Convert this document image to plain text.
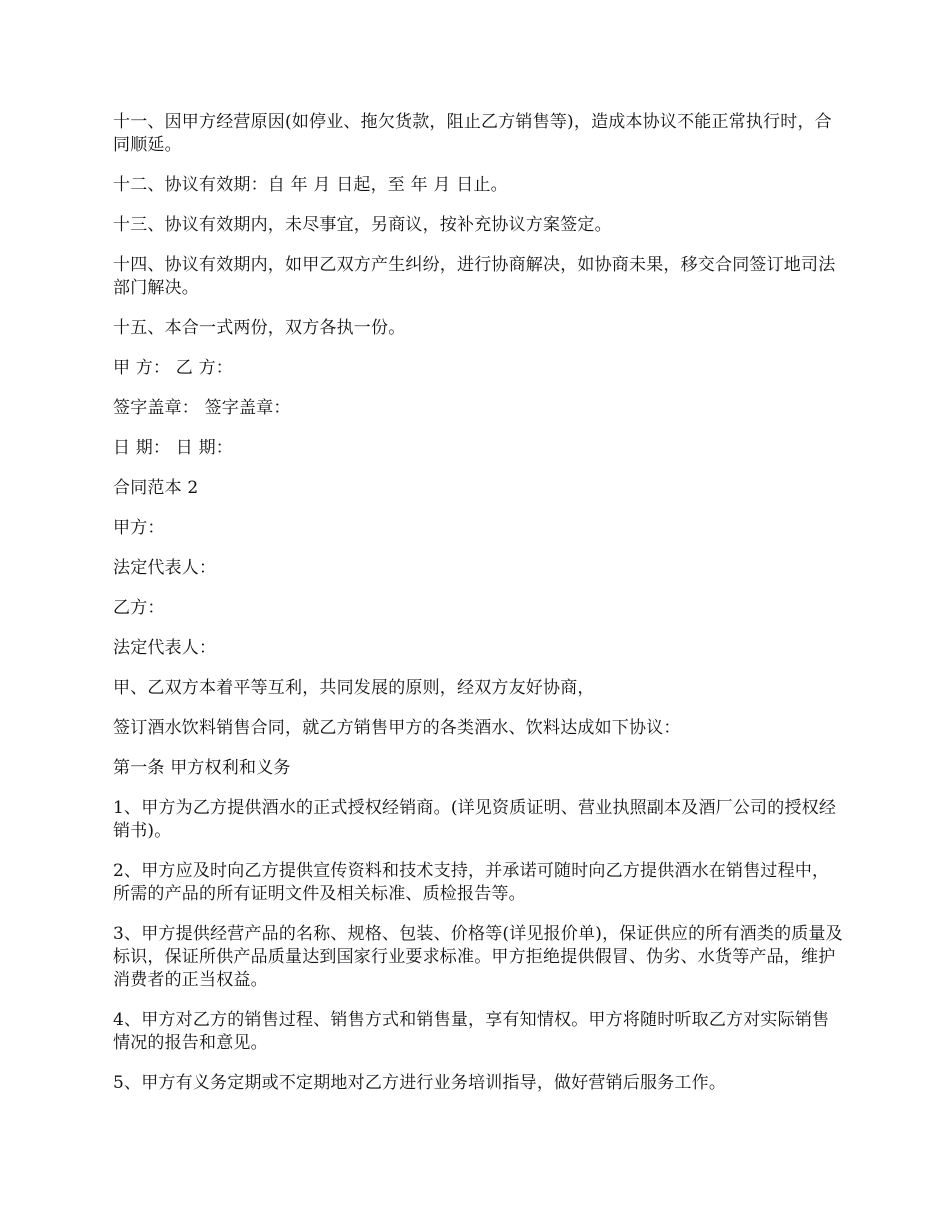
十一、因甲方经营原因(如停业、拖欠货款，阻止乙方销售等)，造成本协议不能正常执行时，合同顺延。

十二、协议有效期：自 年 月 日起，至 年 月 日止。

十三、协议有效期内，未尽事宜，另商议，按补充协议方案签定。

十四、协议有效期内，如甲乙双方产生纠纷，进行协商解决，如协商未果，移交合同签订地司法部门解决。

十五、本合一式两份，双方各执一份。

甲 方： 乙 方：

签字盖章： 签字盖章：

日 期： 日 期：

合同范本 2

甲方：

法定代表人：

乙方：

法定代表人：

甲、乙双方本着平等互利，共同发展的原则，经双方友好协商，

签订酒水饮料销售合同，就乙方销售甲方的各类酒水、饮料达成如下协议：

第一条 甲方权利和义务

1、甲方为乙方提供酒水的正式授权经销商。(详见资质证明、营业执照副本及酒厂公司的授权经销书)。

2、甲方应及时向乙方提供宣传资料和技术支持，并承诺可随时向乙方提供酒水在销售过程中，所需的产品的所有证明文件及相关标准、质检报告等。

3、甲方提供经营产品的名称、规格、包装、价格等(详见报价单)，保证供应的所有酒类的质量及标识，保证所供产品质量达到国家行业要求标准。甲方拒绝提供假冒、伪劣、水货等产品，维护消费者的正当权益。

4、甲方对乙方的销售过程、销售方式和销售量，享有知情权。甲方将随时听取乙方对实际销售情况的报告和意见。

5、甲方有义务定期或不定期地对乙方进行业务培训指导，做好营销后服务工作。
